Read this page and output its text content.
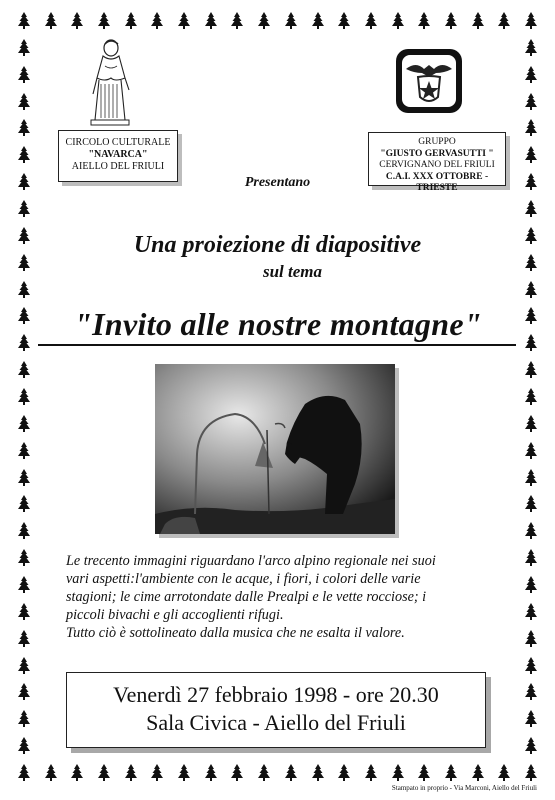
CIRCOLO CULTURALE
"NAVARCA"
AIELLO DEL FRIULI
GRUPPO
"GIUSTO GERVASUTTI "
CERVIGNANO DEL FRIULI
C.A.I. XXX OTTOBRE -TRIESTE
Presentano
Una proiezione di diapositive
sul tema
"Invito alle nostre montagne"

Le trecento immagini riguardano l'arco alpino regionale nei suoi
vari aspetti:l'ambiente con le acque, i fiori, i colori delle varie
stagioni; le cime arrotondate dalle Prealpi e le vette rocciose; i
piccoli bivachi e gli accoglienti rifugi.
Tutto ciò è sottolineato dalla musica che ne esalta il valore.

Venerdì 27 febbraio 1998 - ore 20.30
Sala Civica - Aiello del Friuli
Stampato in proprio - Via Marconi, Aiello del Friuli
